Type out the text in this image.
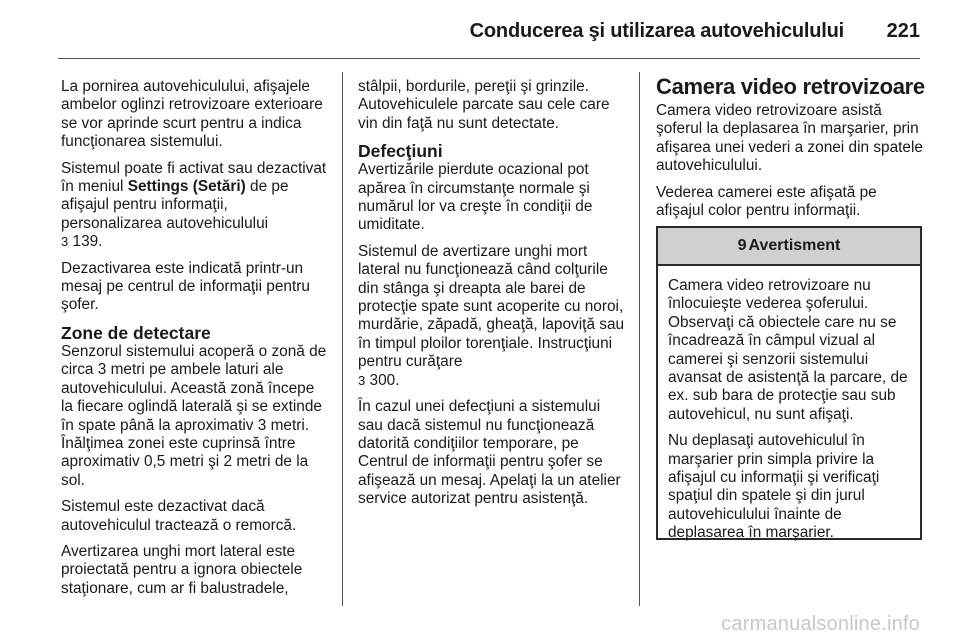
Conducerea şi utilizarea autovehiculului 221

La pornirea autovehiculului, afişajele ambelor oglinzi retrovizoare exterioare se vor aprinde scurt pentru a indica funcţionarea sistemului.

Sistemul poate fi activat sau dezactivat în meniul Settings (Setări) de pe afişajul pentru informaţii, personalizarea autovehiculului
3 139.

Dezactivarea este indicată printr-un mesaj pe centrul de informaţii pentru şofer.

Zone de detectare

Senzorul sistemului acoperă o zonă de circa 3 metri pe ambele laturi ale autovehiculului. Această zonă începe la fiecare oglindă laterală şi se extinde în spate până la aproximativ 3 metri. Înălţimea zonei este cuprinsă între aproximativ 0,5 metri şi 2 metri de la sol.

Sistemul este dezactivat dacă autovehiculul tractează o remorcă.

Avertizarea unghi mort lateral este proiectată pentru a ignora obiectele staţionare, cum ar fi balustradele,

stâlpii, bordurile, pereţii şi grinzile. Autovehiculele parcate sau cele care vin din faţă nu sunt detectate.

Defecţiuni

Avertizările pierdute ocazional pot apărea în circumstanţe normale şi numărul lor va creşte în condiţii de umiditate.

Sistemul de avertizare unghi mort lateral nu funcţionează când colţurile din stânga şi dreapta ale barei de protecţie spate sunt acoperite cu noroi, murdărie, zăpadă, gheaţă, lapoviţă sau în timpul ploilor torenţiale. Instrucţiuni pentru curăţare
3 300.

În cazul unei defecţiuni a sistemului sau dacă sistemul nu funcţionează datorită condiţiilor temporare, pe Centrul de informaţii pentru şofer se afişează un mesaj. Apelaţi la un atelier service autorizat pentru asistenţă.

Camera video retrovizoare

Camera video retrovizoare asistă şoferul la deplasarea în marşarier, prin afişarea unei vederi a zonei din spatele autovehiculului.

Vederea camerei este afişată pe afişajul color pentru informaţii.

9 Avertisment

Camera video retrovizoare nu înlocuieşte vederea şoferului. Observaţi că obiectele care nu se încadrează în câmpul vizual al camerei şi senzorii sistemului avansat de asistenţă la parcare, de ex. sub bara de protecţie sau sub autovehicul, nu sunt afişaţi.

Nu deplasaţi autovehiculul în marşarier prin simpla privire la afişajul cu informaţii şi verificaţi spaţiul din spatele şi din jurul autovehiculului înainte de deplasarea în marşarier.

carmanualsonline.info
